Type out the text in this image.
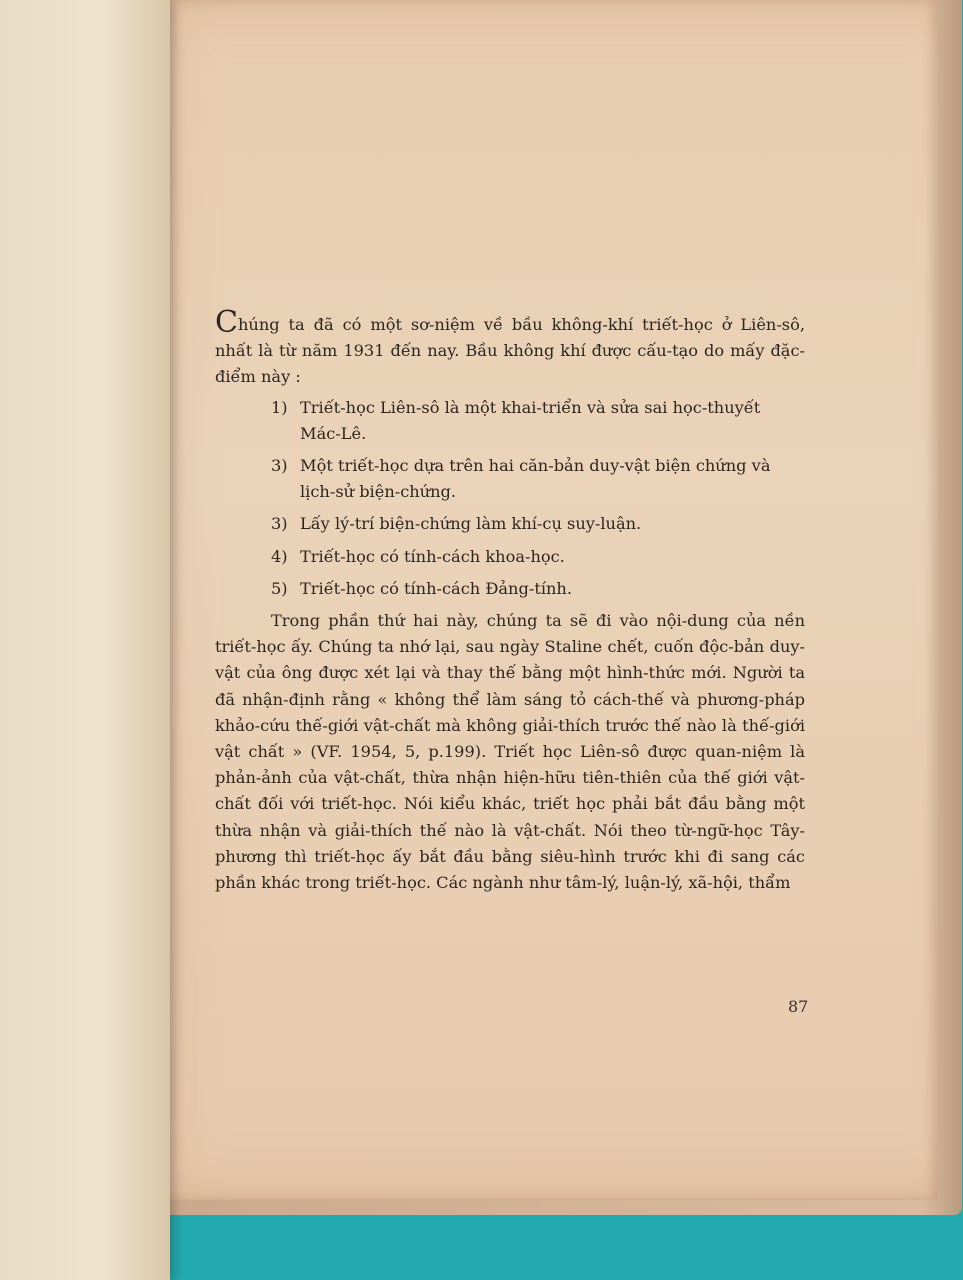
Chúng ta đã có một sơ-niệm về bầu không-khí triết-học ở Liên-sô, nhất là từ năm 1931 đến nay. Bầu không khí được cấu-tạo do mấy đặc-điểm này :

1) Triết-học Liên-sô là một khai-triển và sửa sai học-thuyết Mác-Lê.
3) Một triết-học dựa trên hai căn-bản duy-vật biện chứng và lịch-sử biện-chứng.
3) Lấy lý-trí biện-chứng làm khí-cụ suy-luận.
4) Triết-học có tính-cách khoa-học.
5) Triết-học có tính-cách Đảng-tính.

Trong phần thứ hai này, chúng ta sẽ đi vào nội-dung của nền triết-học ấy. Chúng ta nhớ lại, sau ngày Staline chết, cuốn độc-bản duy-vật của ông được xét lại và thay thế bằng một hình-thức mới. Người ta đã nhận-định rằng « không thể làm sáng tỏ cách-thế và phương-pháp khảo-cứu thế-giới vật-chất mà không giải-thích trước thế nào là thế-giới vật chất » (VF. 1954, 5, p.199). Triết học Liên-sô được quan-niệm là phản-ảnh của vật-chất, thừa nhận hiện-hữu tiên-thiên của thế giới vật-chất đối với triết-học. Nói kiểu khác, triết học phải bắt đầu bằng một thừa nhận và giải-thích thế nào là vật-chất. Nói theo từ-ngữ-học Tây-phương thì triết-học ấy bắt đầu bằng siêu-hình trước khi đi sang các phần khác trong triết-học. Các ngành như tâm-lý, luận-lý, xã-hội, thẩm

87
